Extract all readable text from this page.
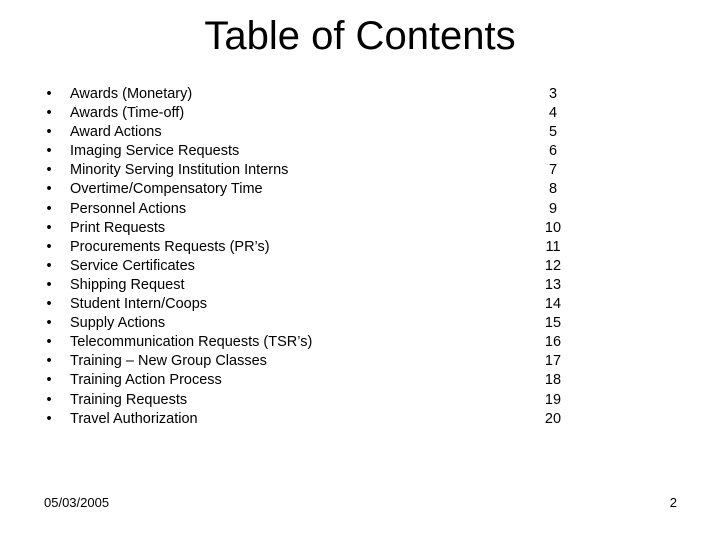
Table of Contents
• Awards (Monetary)	3
• Awards (Time-off)	4
• Award Actions	5
• Imaging Service Requests	6
• Minority Serving Institution Interns	7
• Overtime/Compensatory Time	8
• Personnel Actions	9
• Print Requests	10
• Procurements Requests (PR’s)	11
• Service Certificates	12
• Shipping Request	13
• Student Intern/Coops	14
• Supply Actions	15
• Telecommunication Requests (TSR’s)	16
• Training – New Group Classes	17
• Training Action Process	18
• Training Requests	19
• Travel Authorization	20
05/03/2005	2
